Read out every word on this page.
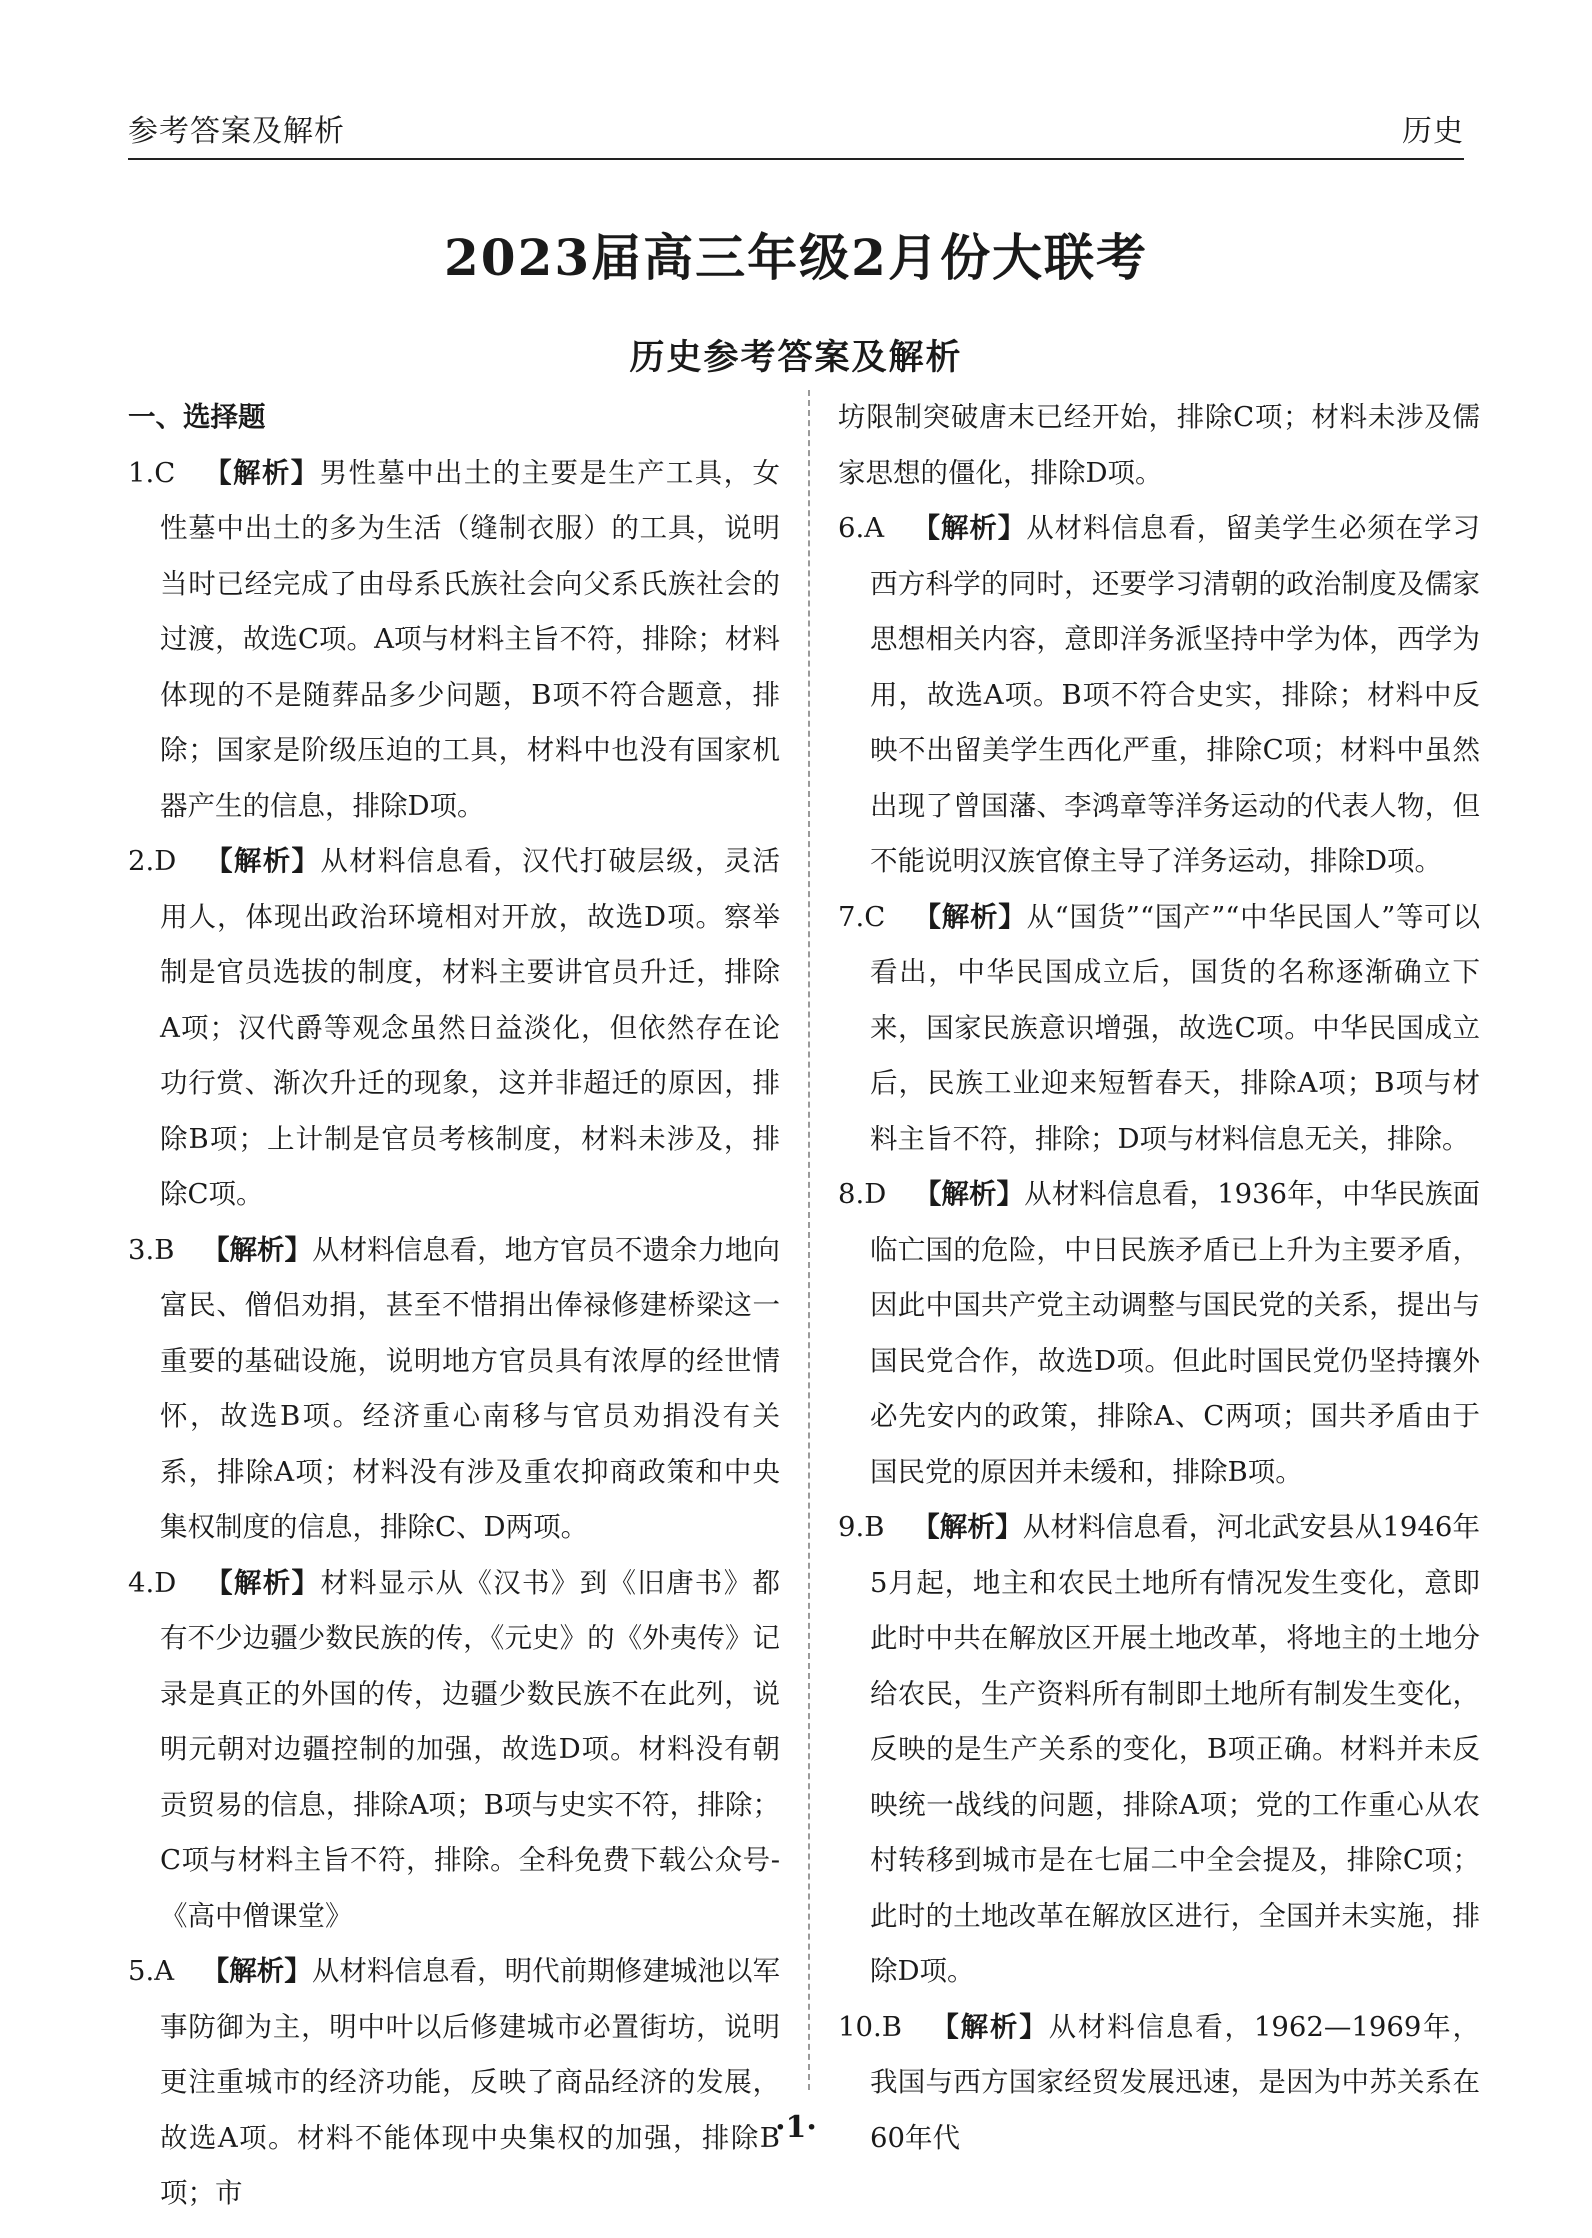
参考答案及解析	历史
2023届高三年级2月份大联考
历史参考答案及解析
一、选择题

1.C  【解析】男性墓中出土的主要是生产工具，女性墓中出土的多为生活（缝制衣服）的工具，说明当时已经完成了由母系氏族社会向父系氏族社会的过渡，故选C项。A项与材料主旨不符，排除；材料体现的不是随葬品多少问题，B项不符合题意，排除；国家是阶级压迫的工具，材料中也没有国家机器产生的信息，排除D项。

2.D  【解析】从材料信息看，汉代打破层级，灵活用人，体现出政治环境相对开放，故选D项。察举制是官员选拔的制度，材料主要讲官员升迁，排除A项；汉代爵等观念虽然日益淡化，但依然存在论功行赏、渐次升迁的现象，这并非超迁的原因，排除B项；上计制是官员考核制度，材料未涉及，排除C项。

3.B  【解析】从材料信息看，地方官员不遗余力地向富民、僧侣劝捐，甚至不惜捐出俸禄修建桥梁这一重要的基础设施，说明地方官员具有浓厚的经世情怀，故选B项。经济重心南移与官员劝捐没有关系，排除A项；材料没有涉及重农抑商政策和中央集权制度的信息，排除C、D两项。

4.D  【解析】材料显示从《汉书》到《旧唐书》都有不少边疆少数民族的传，《元史》的《外夷传》记录是真正的外国的传，边疆少数民族不在此列，说明元朝对边疆控制的加强，故选D项。材料没有朝贡贸易的信息，排除A项；B项与史实不符，排除；C项与材料主旨不符，排除。全科免费下载公众号-《高中僧课堂》

5.A  【解析】从材料信息看，明代前期修建城池以军事防御为主，明中叶以后修建城市必置街坊，说明更注重城市的经济功能，反映了商品经济的发展，故选A项。材料不能体现中央集权的加强，排除B项；市

坊限制突破唐末已经开始，排除C项；材料未涉及儒家思想的僵化，排除D项。

6.A  【解析】从材料信息看，留美学生必须在学习西方科学的同时，还要学习清朝的政治制度及儒家思想相关内容，意即洋务派坚持中学为体，西学为用，故选A项。B项不符合史实，排除；材料中反映不出留美学生西化严重，排除C项；材料中虽然出现了曾国藩、李鸿章等洋务运动的代表人物，但不能说明汉族官僚主导了洋务运动，排除D项。

7.C  【解析】从“国货”“国产”“中华民国人”等可以看出，中华民国成立后，国货的名称逐渐确立下来，国家民族意识增强，故选C项。中华民国成立后，民族工业迎来短暂春天，排除A项；B项与材料主旨不符，排除；D项与材料信息无关，排除。

8.D  【解析】从材料信息看，1936年，中华民族面临亡国的危险，中日民族矛盾已上升为主要矛盾，因此中国共产党主动调整与国民党的关系，提出与国民党合作，故选D项。但此时国民党仍坚持攘外必先安内的政策，排除A、C两项；国共矛盾由于国民党的原因并未缓和，排除B项。

9.B  【解析】从材料信息看，河北武安县从1946年5月起，地主和农民土地所有情况发生变化，意即此时中共在解放区开展土地改革，将地主的土地分给农民，生产资料所有制即土地所有制发生变化，反映的是生产关系的变化，B项正确。材料并未反映统一战线的问题，排除A项；党的工作重心从农村转移到城市是在七届二中全会提及，排除C项；此时的土地改革在解放区进行，全国并未实施，排除D项。

10.B  【解析】从材料信息看，1962—1969年，我国与西方国家经贸发展迅速，是因为中苏关系在60年代

·1·
